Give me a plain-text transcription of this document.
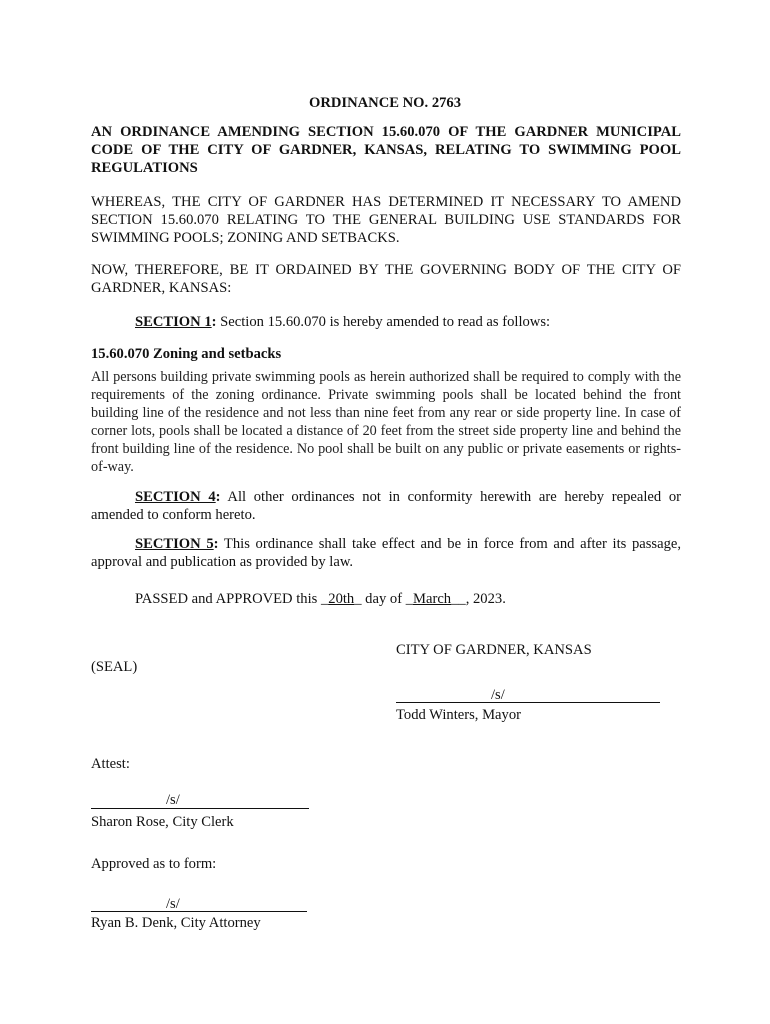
ORDINANCE NO. 2763

AN ORDINANCE AMENDING SECTION 15.60.070 OF THE GARDNER MUNICIPAL CODE OF THE CITY OF GARDNER, KANSAS, RELATING TO SWIMMING POOL REGULATIONS

WHEREAS, THE CITY OF GARDNER HAS DETERMINED IT NECESSARY TO AMEND SECTION 15.60.070 RELATING TO THE GENERAL BUILDING USE STANDARDS FOR SWIMMING POOLS; ZONING AND SETBACKS.

NOW, THEREFORE, BE IT ORDAINED BY THE GOVERNING BODY OF THE CITY OF GARDNER, KANSAS:

SECTION 1: Section 15.60.070 is hereby amended to read as follows:

15.60.070 Zoning and setbacks

All persons building private swimming pools as herein authorized shall be required to comply with the requirements of the zoning ordinance. Private swimming pools shall be located behind the front building line of the residence and not less than nine feet from any rear or side property line. In case of corner lots, pools shall be located a distance of 20 feet from the street side property line and behind the front building line of the residence. No pool shall be built on any public or private easements or rights-of-way.

SECTION 4: All other ordinances not in conformity herewith are hereby repealed or amended to conform hereto.

SECTION 5: This ordinance shall take effect and be in force from and after its passage, approval and publication as provided by law.

PASSED and APPROVED this _20th_ day of _March__, 2023.

CITY OF GARDNER, KANSAS

(SEAL)

/s/
Todd Winters, Mayor

Attest:

/s/
Sharon Rose, City Clerk

Approved as to form:

/s/
Ryan B. Denk, City Attorney
